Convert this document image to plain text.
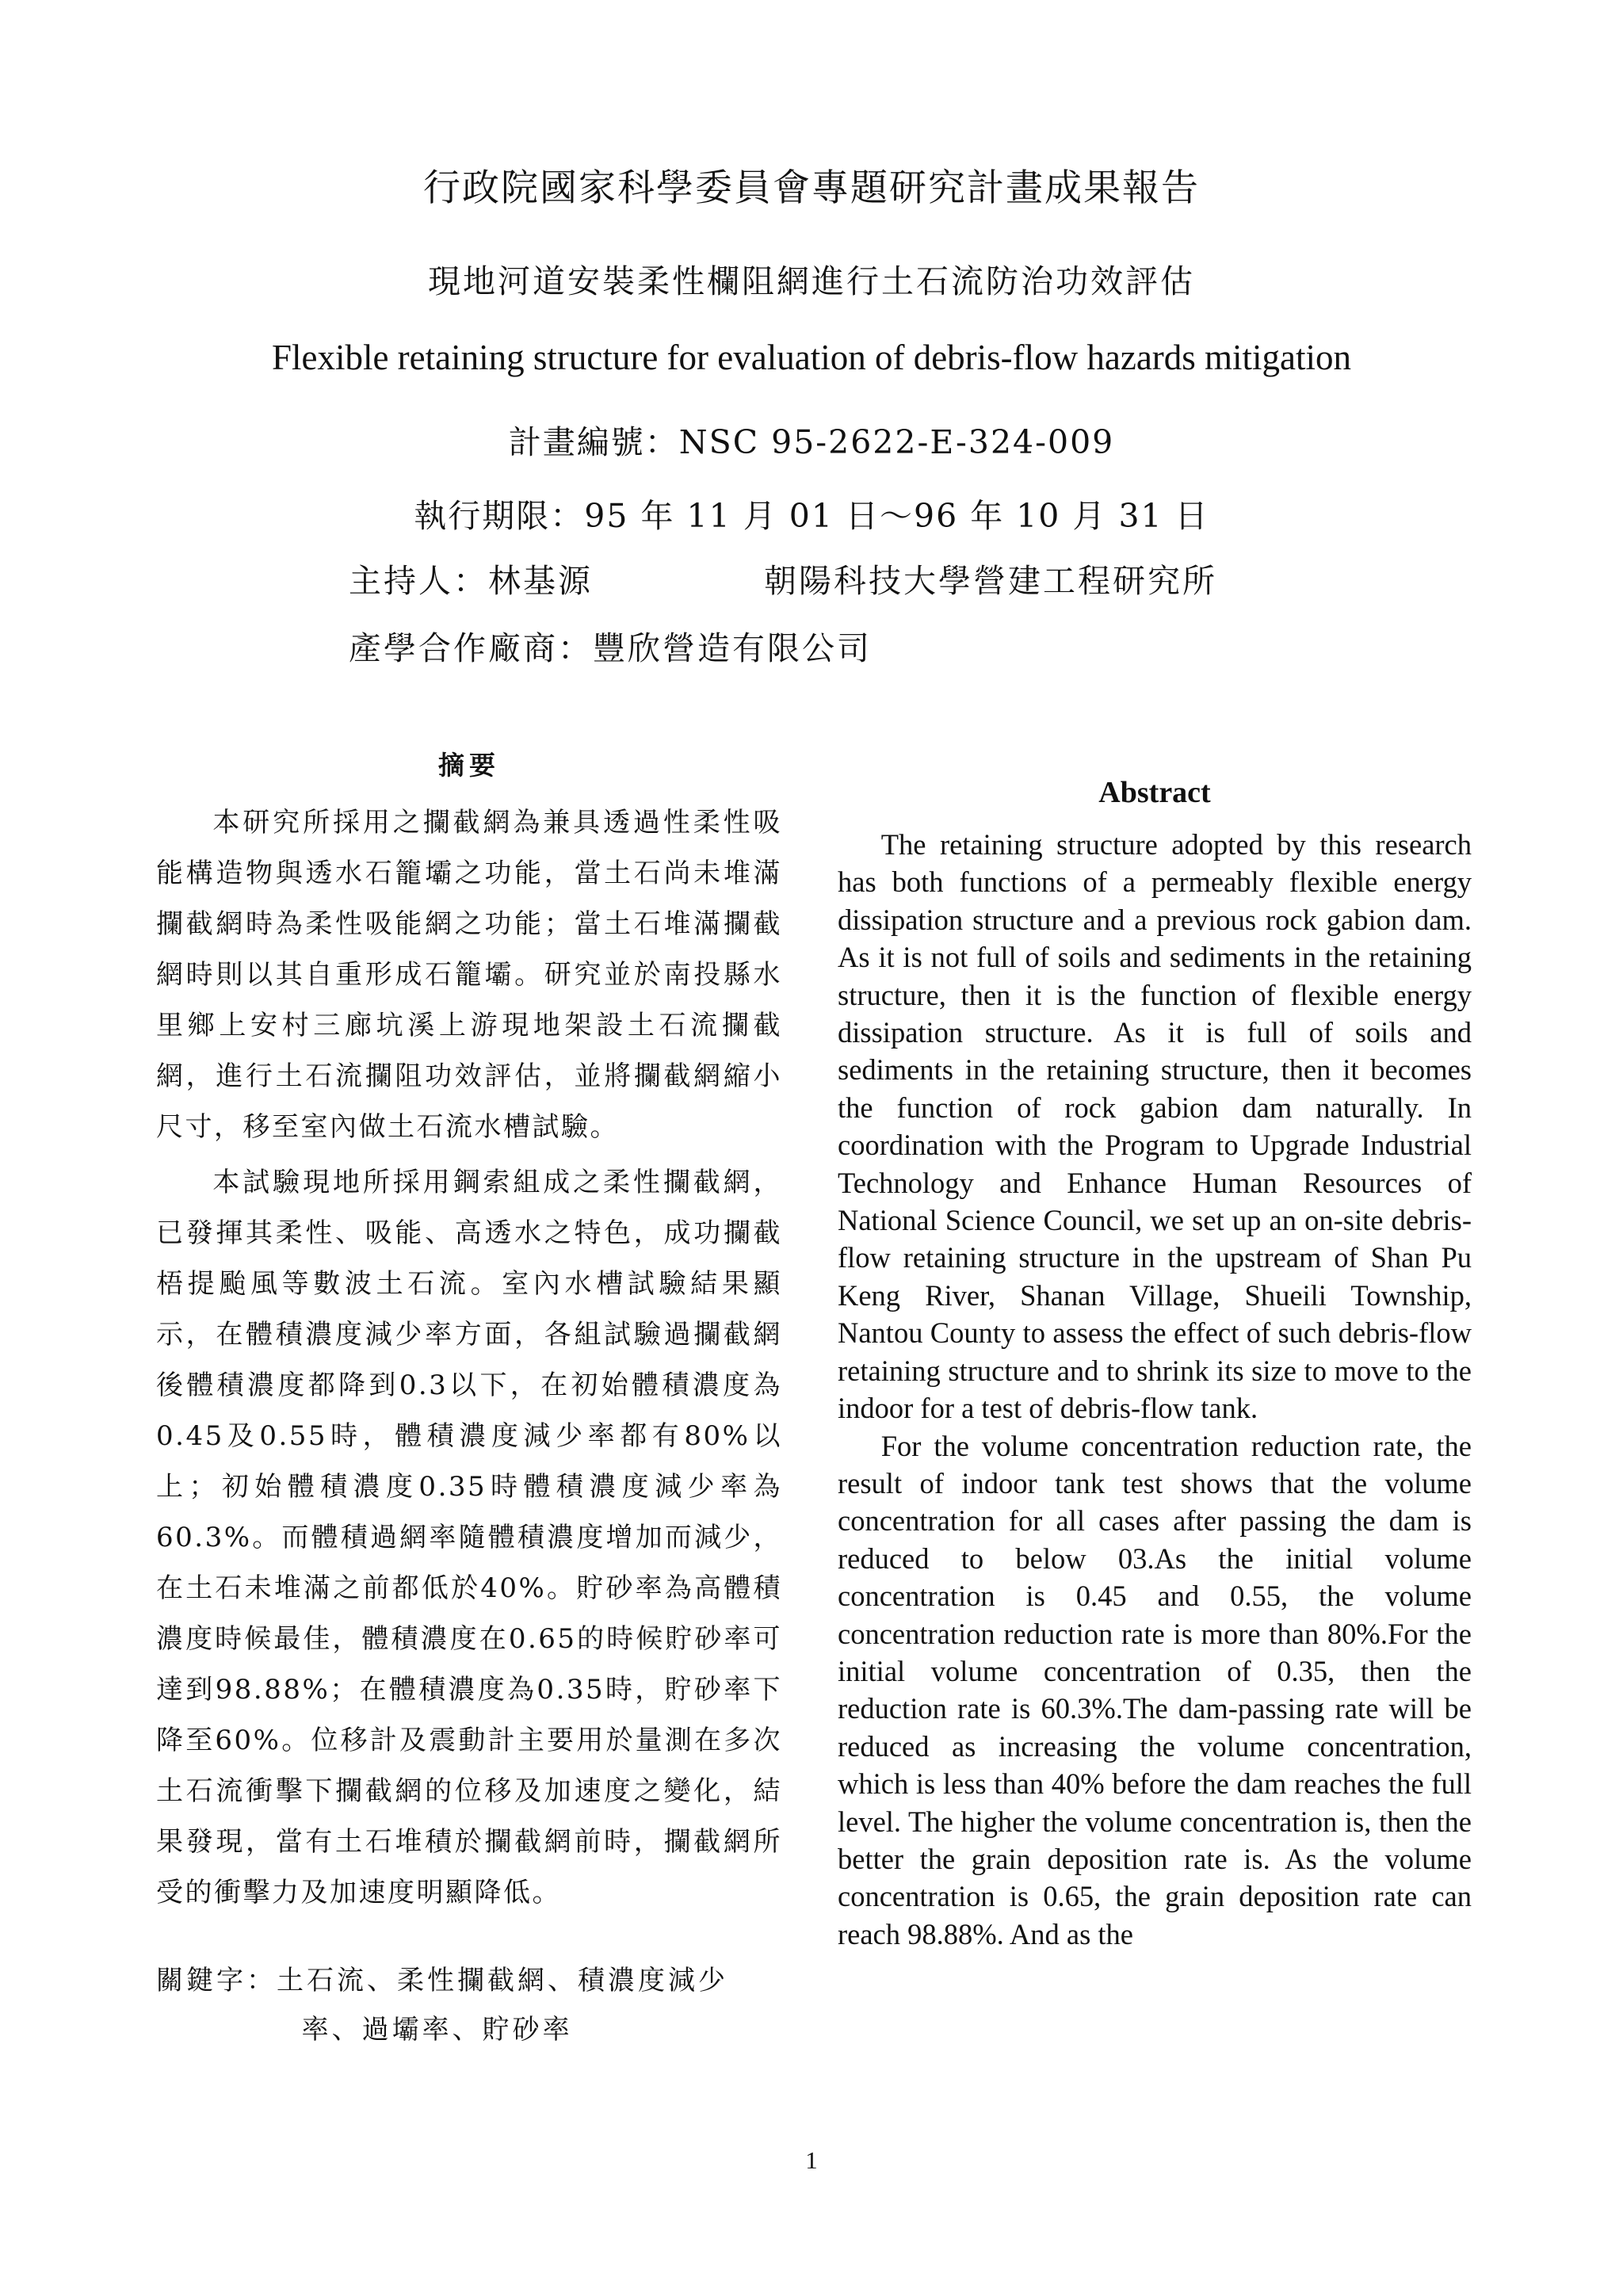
行政院國家科學委員會專題研究計畫成果報告
現地河道安裝柔性欄阻網進行土石流防治功效評估
Flexible retaining structure for evaluation of debris-flow hazards mitigation
計畫編號：NSC 95-2622-E-324-009
執行期限：95 年 11 月 01 日～96 年 10 月 31 日
主持人：林基源	朝陽科技大學營建工程研究所
產學合作廠商：豐欣營造有限公司
摘要

本研究所採用之攔截網為兼具透過性柔性吸能構造物與透水石籠壩之功能，當土石尚未堆滿攔截網時為柔性吸能網之功能；當土石堆滿攔截網時則以其自重形成石籠壩。研究並於南投縣水里鄉上安村三廊坑溪上游現地架設土石流攔截網，進行土石流攔阻功效評估，並將攔截網縮小尺寸，移至室內做土石流水槽試驗。

本試驗現地所採用鋼索組成之柔性攔截網，已發揮其柔性、吸能、高透水之特色，成功攔截梧提颱風等數波土石流。室內水槽試驗結果顯示，在體積濃度減少率方面，各組試驗過攔截網後體積濃度都降到0.3以下，在初始體積濃度為0.45及0.55時，體積濃度減少率都有80%以上；初始體積濃度0.35時體積濃度減少率為60.3%。而體積過網率隨體積濃度增加而減少，在土石未堆滿之前都低於40%。貯砂率為高體積濃度時候最佳，體積濃度在0.65的時候貯砂率可達到98.88%；在體積濃度為0.35時，貯砂率下降至60%。位移計及震動計主要用於量測在多次土石流衝擊下攔截網的位移及加速度之變化，結果發現，當有土石堆積於攔截網前時，攔截網所受的衝擊力及加速度明顯降低。

關鍵字：土石流、柔性攔截網、積濃度減少率、過壩率、貯砂率
Abstract

The retaining structure adopted by this research has both functions of a permeably flexible energy dissipation structure and a previous rock gabion dam. As it is not full of soils and sediments in the retaining structure, then it is the function of flexible energy dissipation structure. As it is full of soils and sediments in the retaining structure, then it becomes the function of rock gabion dam naturally. In coordination with the Program to Upgrade Industrial Technology and Enhance Human Resources of National Science Council, we set up an on-site debris-flow retaining structure in the upstream of Shan Pu Keng River, Shanan Village, Shueili Township, Nantou County to assess the effect of such debris-flow retaining structure and to shrink its size to move to the indoor for a test of debris-flow tank.

For the volume concentration reduction rate, the result of indoor tank test shows that the volume concentration for all cases after passing the dam is reduced to below 03.As the initial volume concentration is 0.45 and 0.55, the volume concentration reduction rate is more than 80%.For the initial volume concentration of 0.35, then the reduction rate is 60.3%.The dam-passing rate will be reduced as increasing the volume concentration, which is less than 40% before the dam reaches the full level. The higher the volume concentration is, then the better the grain deposition rate is. As the volume concentration is 0.65, the grain deposition rate can reach 98.88%. And as the

1
